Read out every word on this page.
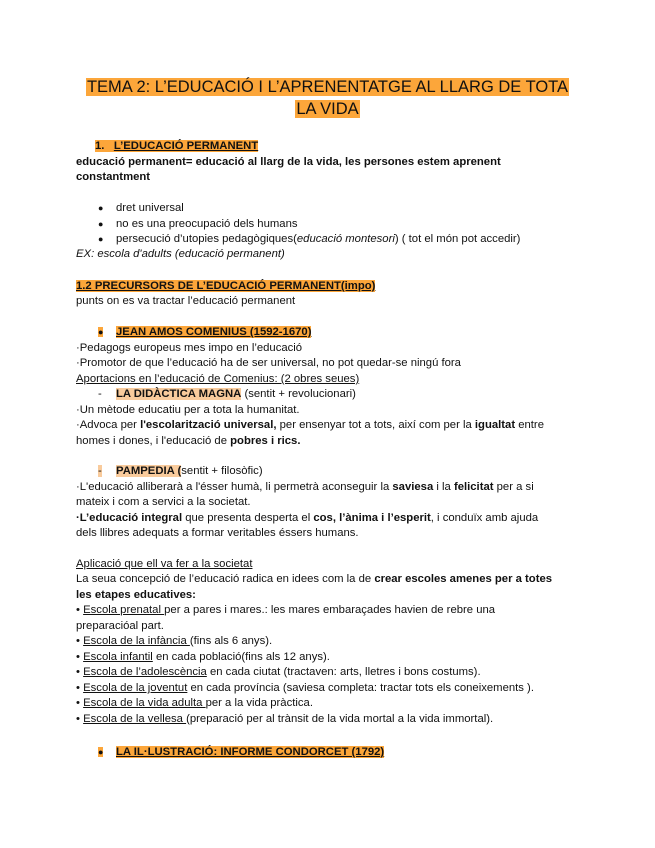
TEMA 2: L’EDUCACIÓ I L’APRENENTATGE AL LLARG DE TOTA
LA VIDA
1. L’EDUCACIÓ PERMANENT
educació permanent= educació al llarg de la vida, les persones estem aprenent
constantment
● dret universal
● no es una preocupació dels humans
● persecució d’utopies pedagògiques(educació montesori) ( tot el món pot accedir)
EX: escola d'adults (educació permanent)
1.2 PRECURSORS DE L’EDUCACIÓ PERMANENT(impo)
punts on es va tractar l’educació permanent
● JEAN AMOS COMENIUS (1592-1670)
·Pedagogs europeus mes impo en l’educació
·Promotor de que l’educació ha de ser universal, no pot quedar-se ningú fora
Aportacions en l’educació de Comenius: (2 obres seues)
- LA DIDÀCTICA MAGNA (sentit + revolucionari)
·Un mètode educatiu per a tota la humanitat.
·Advoca per l'escolarització universal, per ensenyar tot a tots, així com per la igualtat entre
homes i dones, i l'educació de pobres i rics.
- PAMPEDIA (sentit + filosòfic)
·L'educació alliberarà a l'ésser humà, li permetrà aconseguir la saviesa i la felicitat per a si
mateix i com a servici a la societat.
·L’educació integral que presenta desperta el cos, l’ànima i l’esperit, i conduïx amb ajuda
dels llibres adequats a formar veritables éssers humans.
Aplicació que ell va fer a la societat
La seua concepció de l’educació radica en idees com la de crear escoles amenes per a totes
les etapes educatives:
• Escola prenatal per a pares i mares.: les mares embaraçades havien de rebre una
preparacióal part.
• Escola de la infància (fins als 6 anys).
• Escola infantil en cada població(fins als 12 anys).
• Escola de l’adolescència en cada ciutat (tractaven: arts, lletres i bons costums).
• Escola de la joventut en cada província (saviesa completa: tractar tots els coneixements ).
• Escola de la vida adulta per a la vida pràctica.
• Escola de la vellesa (preparació per al trànsit de la vida mortal a la vida immortal).
● LA IL·LUSTRACIÓ: INFORME CONDORCET (1792)
